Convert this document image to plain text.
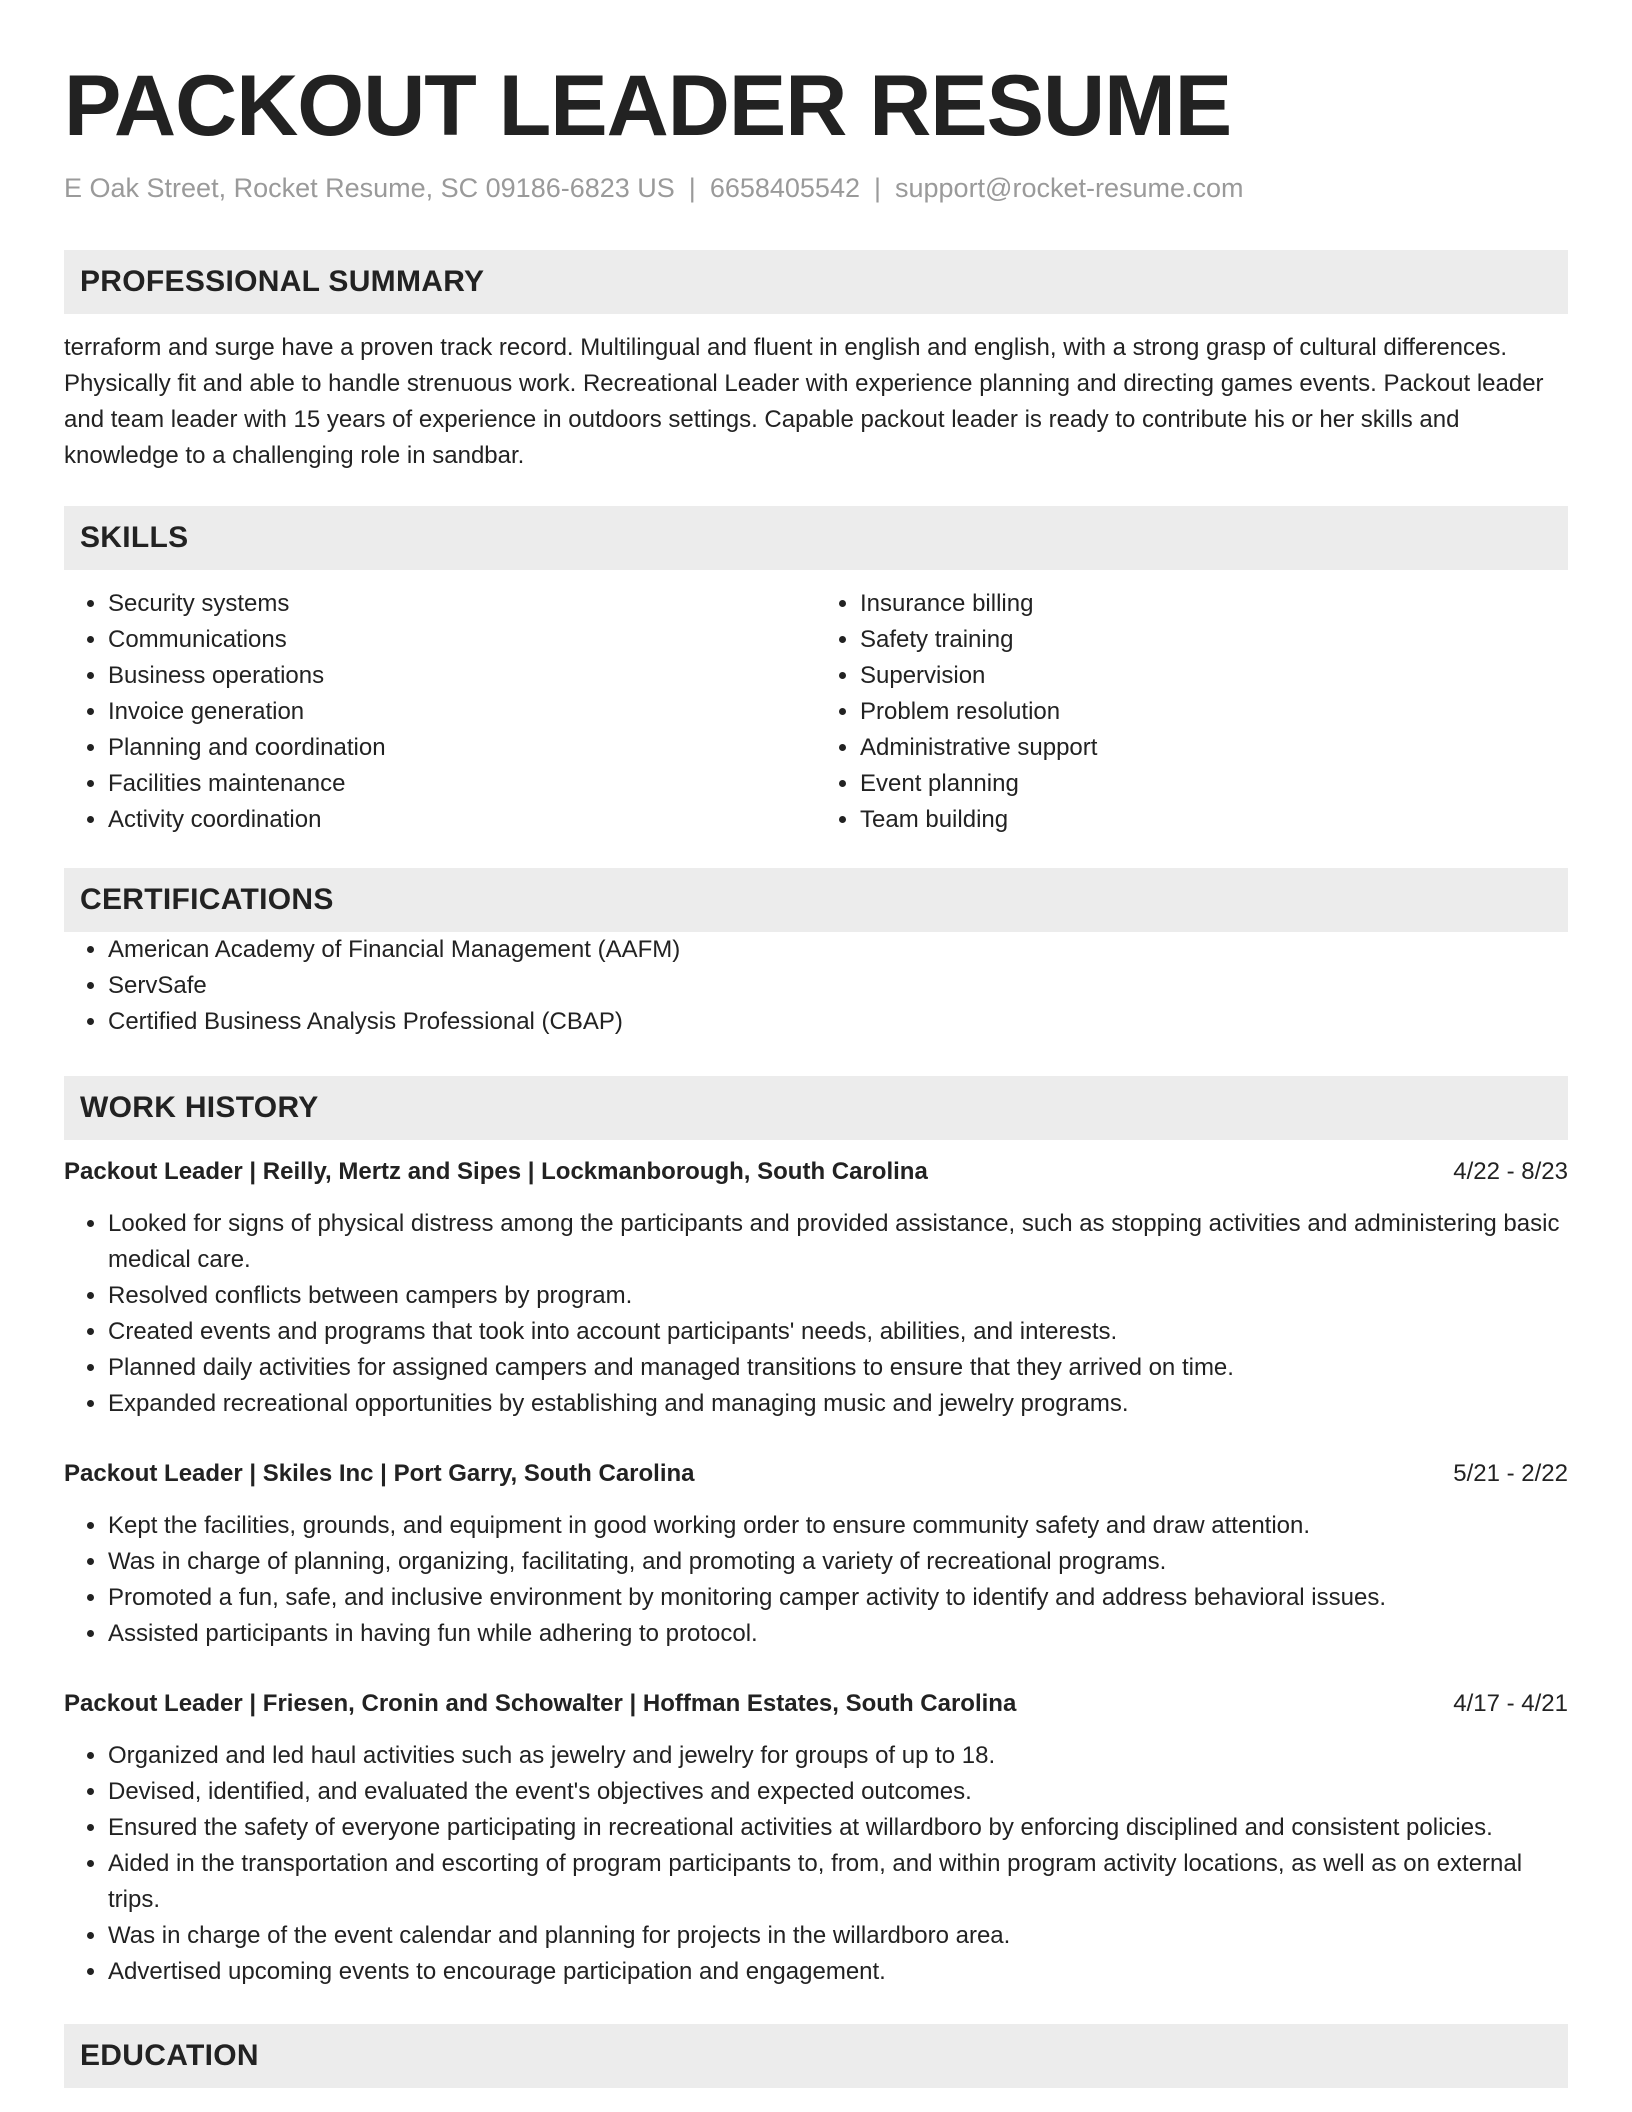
PACKOUT LEADER RESUME
E Oak Street, Rocket Resume, SC 09186-6823 US | 6658405542 | support@rocket-resume.com
PROFESSIONAL SUMMARY

terraform and surge have a proven track record. Multilingual and fluent in english and english, with a strong grasp of cultural differences. Physically fit and able to handle strenuous work. Recreational Leader with experience planning and directing games events. Packout leader and team leader with 15 years of experience in outdoors settings. Capable packout leader is ready to contribute his or her skills and knowledge to a challenging role in sandbar.

SKILLS
• Security systems
• Communications
• Business operations
• Invoice generation
• Planning and coordination
• Facilities maintenance
• Activity coordination
• Insurance billing
• Safety training
• Supervision
• Problem resolution
• Administrative support
• Event planning
• Team building
CERTIFICATIONS
• American Academy of Financial Management (AAFM)
• ServSafe
• Certified Business Analysis Professional (CBAP)
WORK HISTORY
Packout Leader | Reilly, Mertz and Sipes | Lockmanborough, South Carolina	4/22 - 8/23
• Looked for signs of physical distress among the participants and provided assistance, such as stopping activities and administering basic medical care.
• Resolved conflicts between campers by program.
• Created events and programs that took into account participants' needs, abilities, and interests.
• Planned daily activities for assigned campers and managed transitions to ensure that they arrived on time.
• Expanded recreational opportunities by establishing and managing music and jewelry programs.
Packout Leader | Skiles Inc | Port Garry, South Carolina	5/21 - 2/22
• Kept the facilities, grounds, and equipment in good working order to ensure community safety and draw attention.
• Was in charge of planning, organizing, facilitating, and promoting a variety of recreational programs.
• Promoted a fun, safe, and inclusive environment by monitoring camper activity to identify and address behavioral issues.
• Assisted participants in having fun while adhering to protocol.
Packout Leader | Friesen, Cronin and Schowalter | Hoffman Estates, South Carolina	4/17 - 4/21
• Organized and led haul activities such as jewelry and jewelry for groups of up to 18.
• Devised, identified, and evaluated the event's objectives and expected outcomes.
• Ensured the safety of everyone participating in recreational activities at willardboro by enforcing disciplined and consistent policies.
• Aided in the transportation and escorting of program participants to, from, and within program activity locations, as well as on external trips.
• Was in charge of the event calendar and planning for projects in the willardboro area.
• Advertised upcoming events to encourage participation and engagement.
EDUCATION
